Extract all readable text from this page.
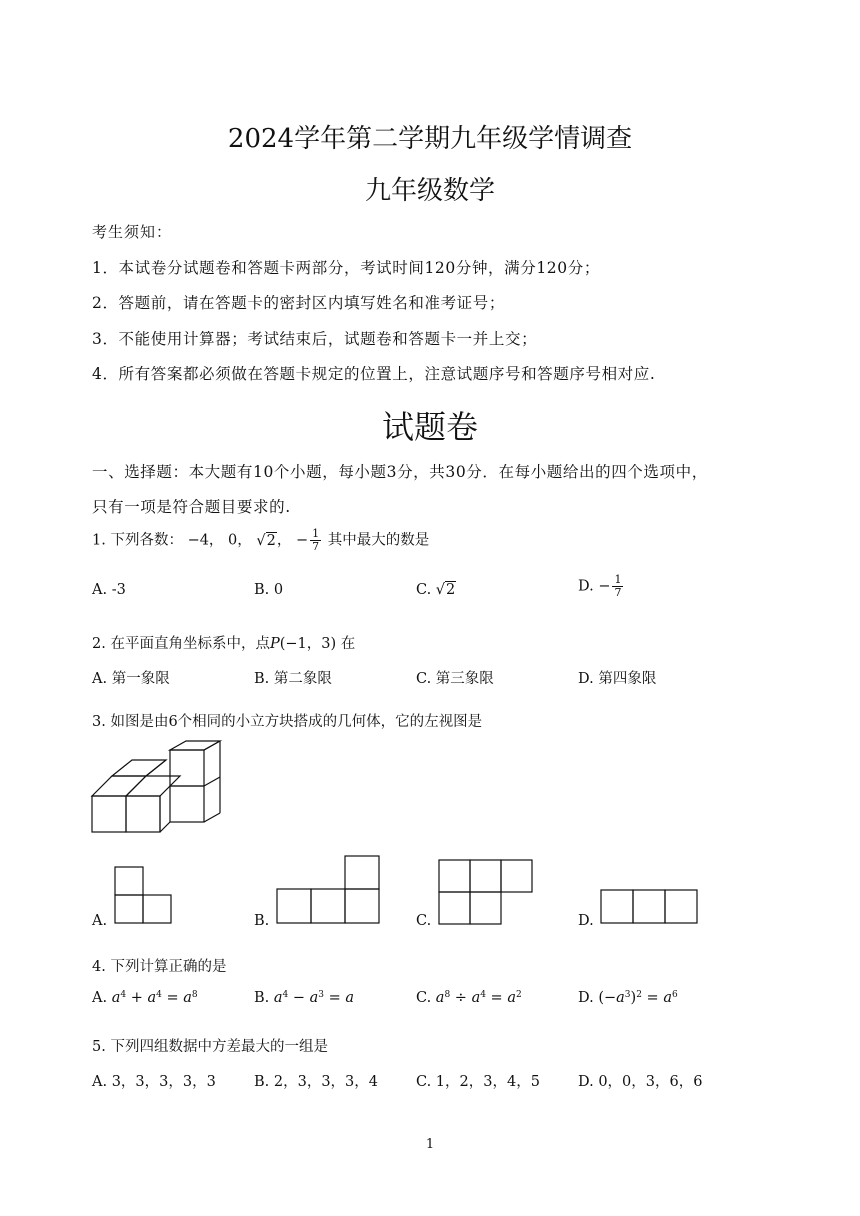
2024学年第二学期九年级学情调查
九年级数学
考生须知：
1．本试卷分试题卷和答题卡两部分，考试时间120分钟，满分120分；
2．答题前，请在答题卡的密封区内填写姓名和准考证号；
3．不能使用计算器；考试结束后，试题卷和答题卡一并上交；
4．所有答案都必须做在答题卡规定的位置上，注意试题序号和答题序号相对应.
试题卷
一、选择题：本大题有10个小题，每小题3分，共30分．在每小题给出的四个选项中，
只有一项是符合题目要求的.
1. 下列各数： −4， 0， √2， − $\frac{1}{7}$ 其中最大的数是
A. -3	B. 0	C. √2	D. − $\frac{1}{7}$
2. 在平面直角坐标系中，点P(−1，3) 在
A. 第一象限	B. 第二象限	C. 第三象限	D. 第四象限
3. 如图是由6个相同的小立方块搭成的几何体，它的左视图是
A.	B.	C.	D.
4. 下列计算正确的是
A. $a^4 + a^4 = a^8$	B. $a^4 - a^3 = a$	C. $a^8 \div a^4 = a^2$	D. $(-a^3)^2 = a^6$
5. 下列四组数据中方差最大的一组是
A. 3，3，3，3，3	B. 2，3，3，3，4	C. 1，2，3，4，5	D. 0，0，3，6，6
1
